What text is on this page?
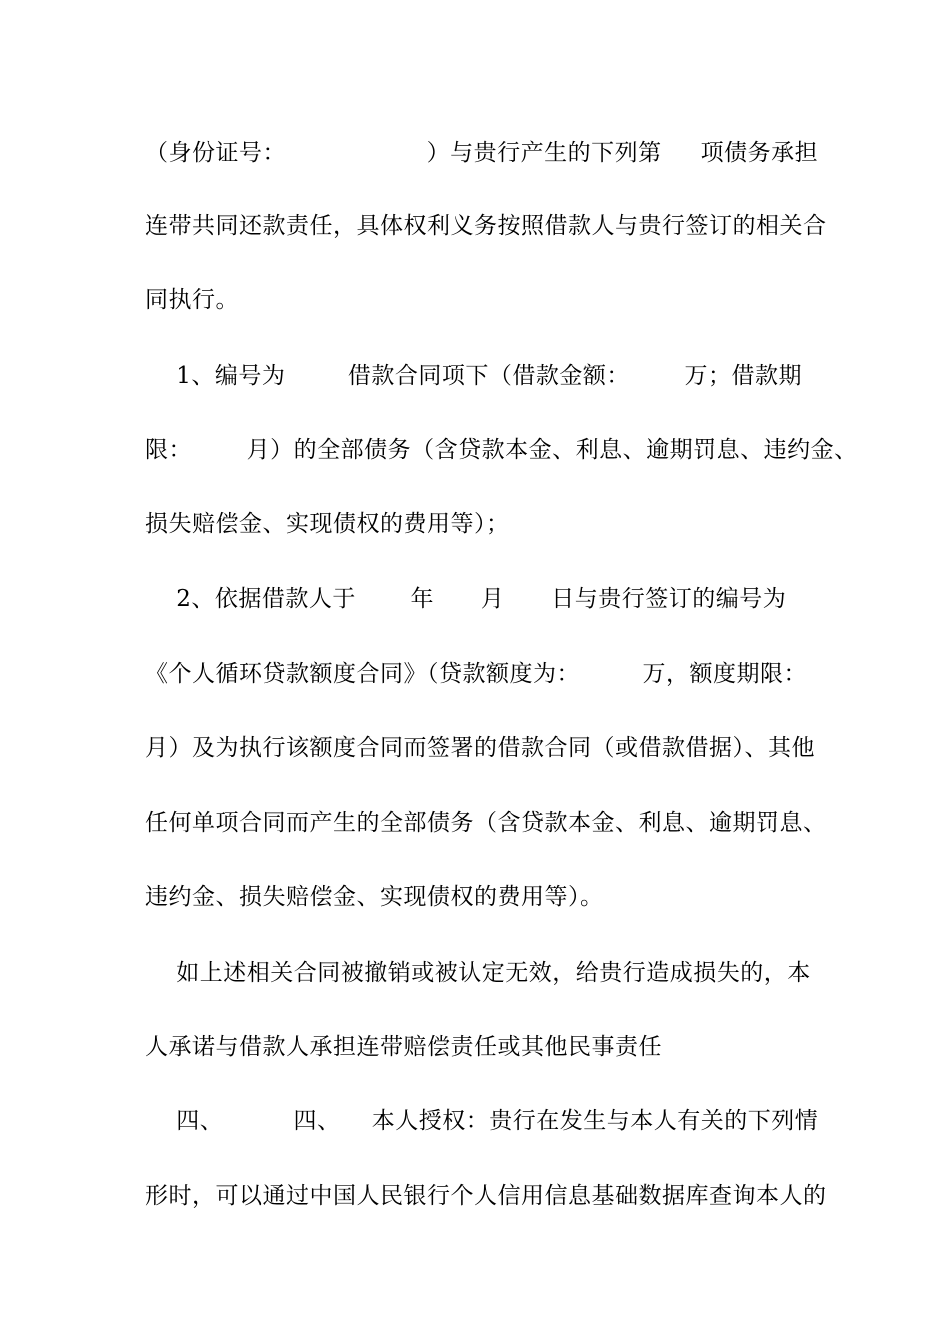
（身份证号：                  ）与贵行产生的下列第     项债务承担

连带共同还款责任，具体权利义务按照借款人与贵行签订的相关合

同执行。

1、编号为        借款合同项下（借款金额：       万；借款期

限：       月）的全部债务（含贷款本金、利息、逾期罚息、违约金、

损失赔偿金、实现债权的费用等）；

2、依据借款人于       年      月      日与贵行签订的编号为

《个人循环贷款额度合同》（贷款额度为：        万，额度期限：

月）及为执行该额度合同而签署的借款合同（或借款借据）、其他

任何单项合同而产生的全部债务（含贷款本金、利息、逾期罚息、

违约金、损失赔偿金、实现债权的费用等）。

如上述相关合同被撤销或被认定无效，给贵行造成损失的，本

人承诺与借款人承担连带赔偿责任或其他民事责任

四、         四、    本人授权：贵行在发生与本人有关的下列情

形时，可以通过中国人民银行个人信用信息基础数据库查询本人的
